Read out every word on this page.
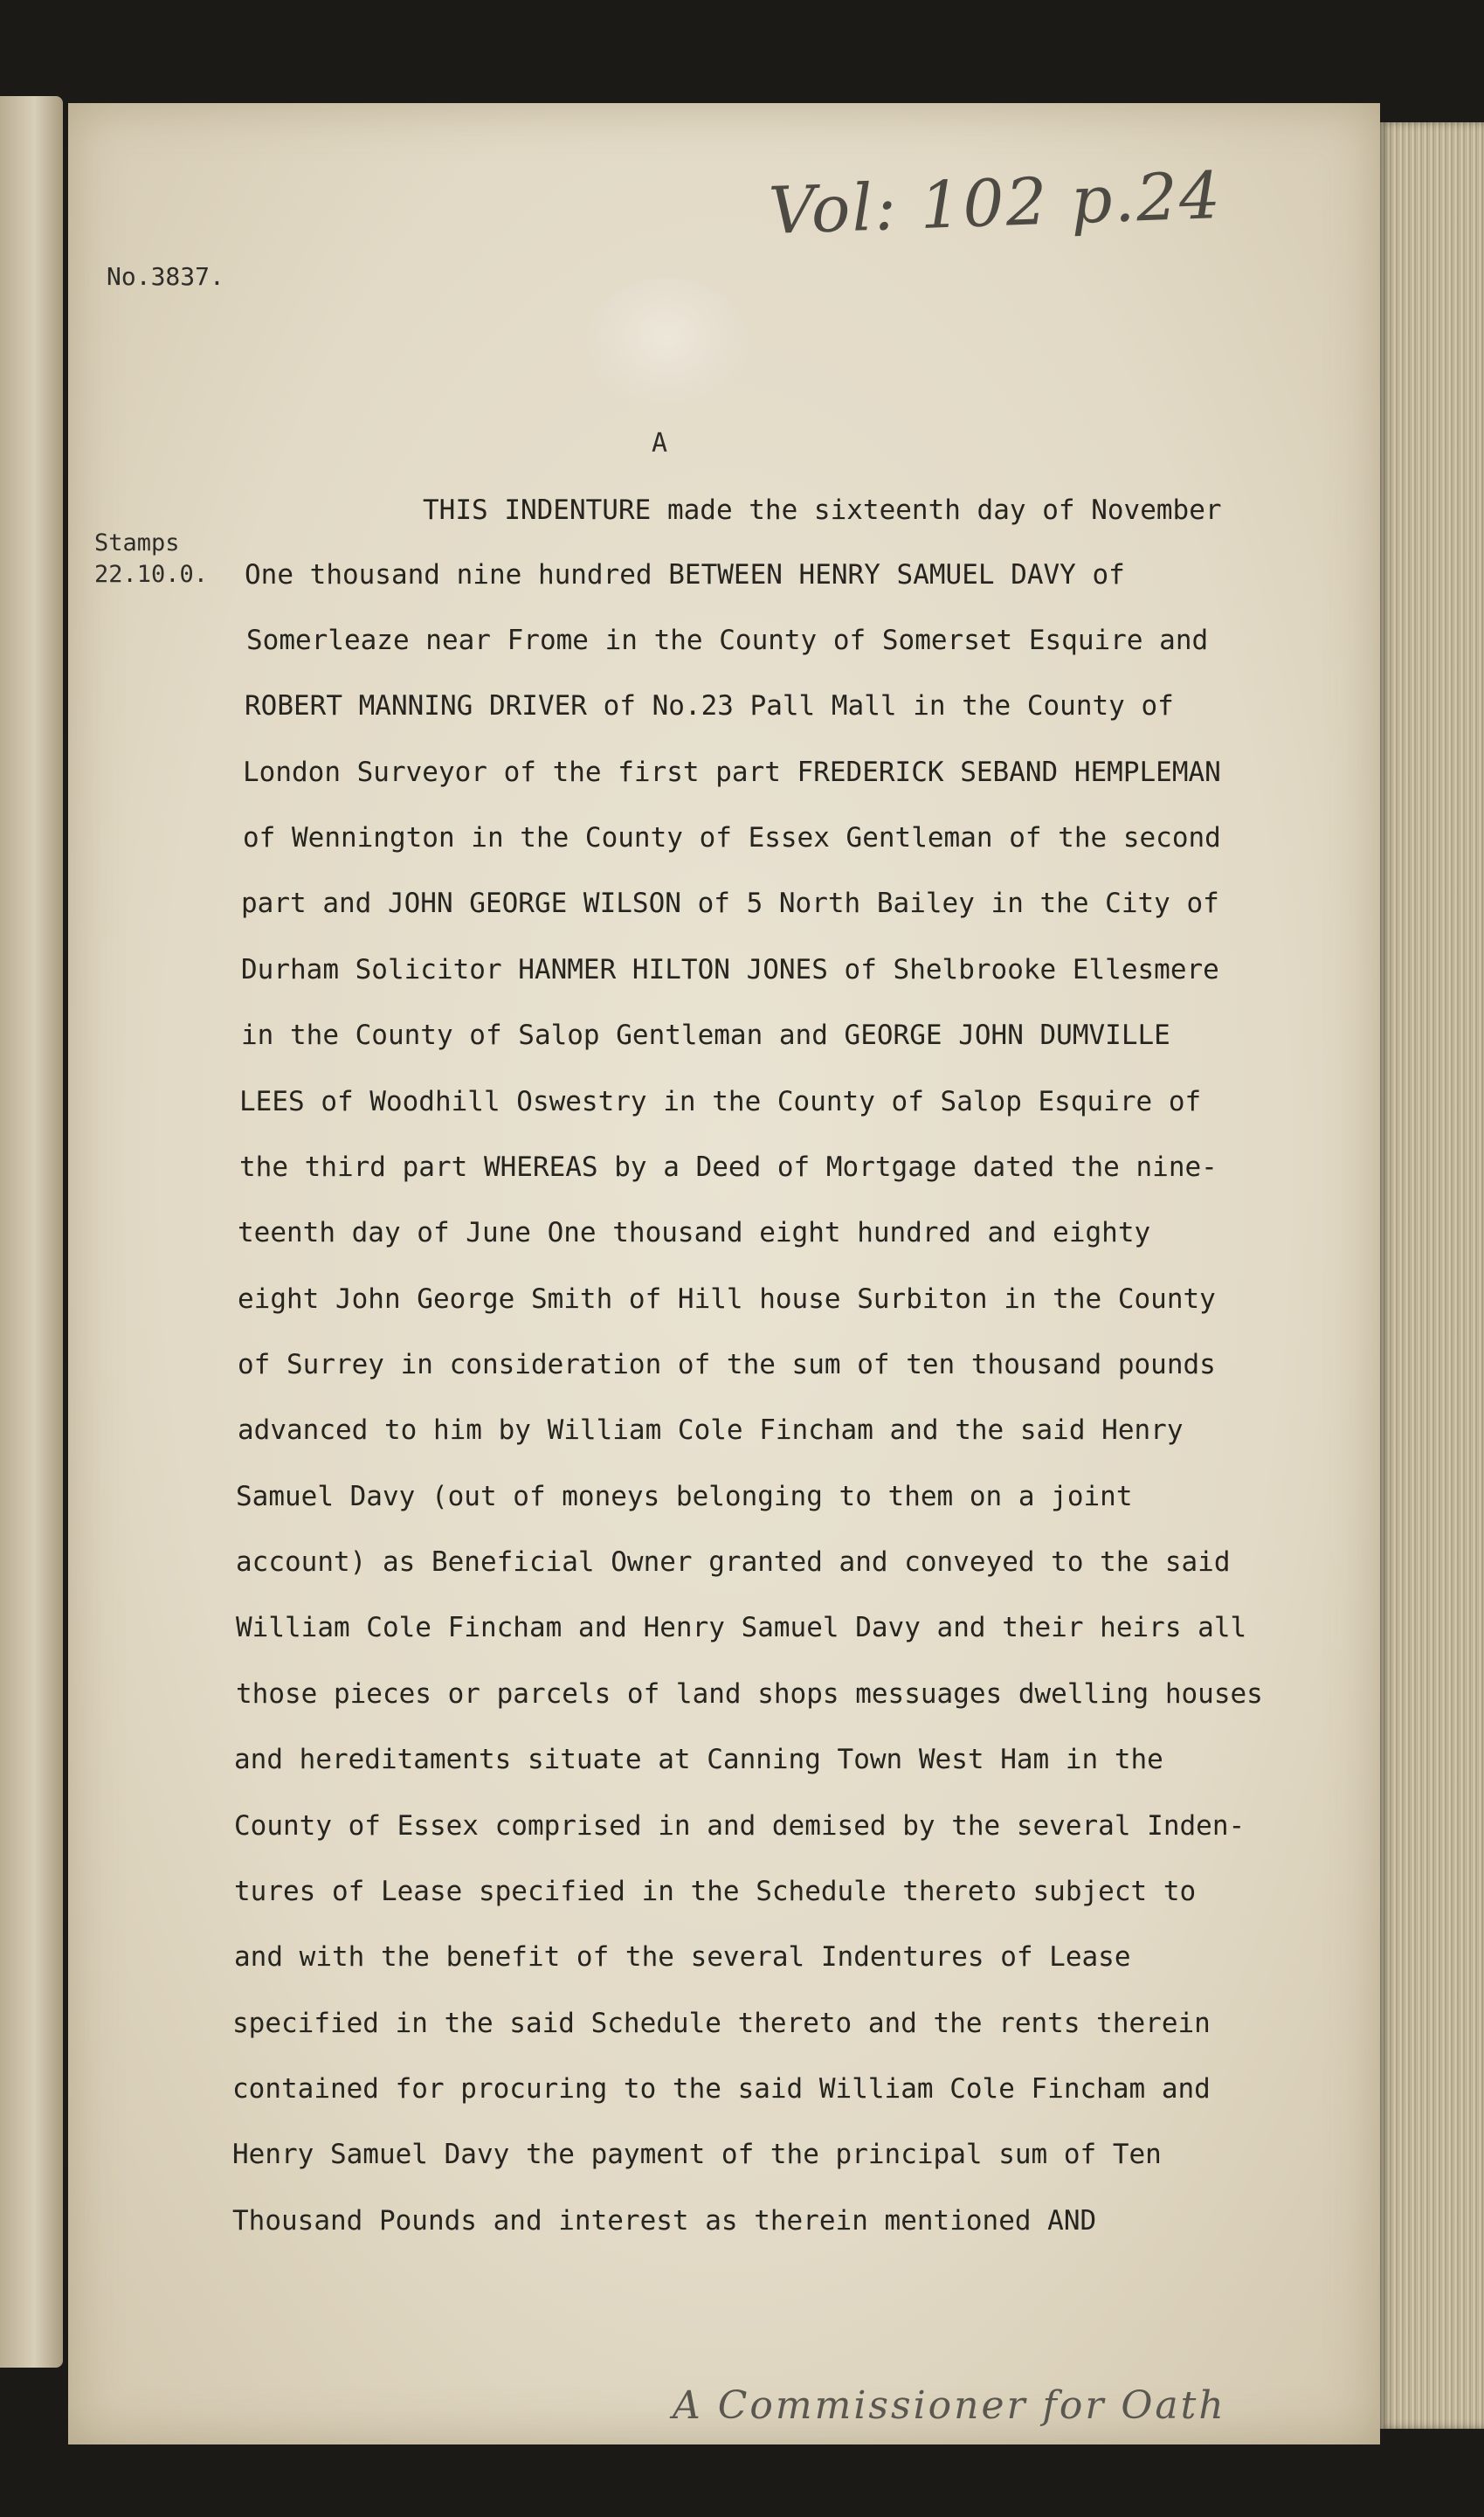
Vol: 102 p.24
No.3837.
A
Stamps
22.10.0.
THIS INDENTURE made the sixteenth day of November
One thousand nine hundred BETWEEN HENRY SAMUEL DAVY of
Somerleaze near Frome in the County of Somerset Esquire and
ROBERT MANNING DRIVER of No.23 Pall Mall in the County of
London Surveyor of the first part FREDERICK SEBAND HEMPLEMAN
of Wennington in the County of Essex Gentleman of the second
part and JOHN GEORGE WILSON of 5 North Bailey in the City of
Durham Solicitor HANMER HILTON JONES of Shelbrooke Ellesmere
in the County of Salop Gentleman and GEORGE JOHN DUMVILLE
LEES of Woodhill Oswestry in the County of Salop Esquire of
the third part WHEREAS by a Deed of Mortgage dated the nine-
teenth day of June One thousand eight hundred and eighty
eight John George Smith of Hill house Surbiton in the County
of Surrey in consideration of the sum of ten thousand pounds
advanced to him by William Cole Fincham and the said Henry
Samuel Davy (out of moneys belonging to them on a joint
account) as Beneficial Owner granted and conveyed to the said
William Cole Fincham and Henry Samuel Davy and their heirs all
those pieces or parcels of land shops messuages dwelling houses
and hereditaments situate at Canning Town West Ham in the
County of Essex comprised in and demised by the several Inden-
tures of Lease specified in the Schedule thereto subject to
and with the benefit of the several Indentures of Lease
specified in the said Schedule thereto and the rents therein
contained for procuring to the said William Cole Fincham and
Henry Samuel Davy the payment of the principal sum of Ten
Thousand Pounds and interest as therein mentioned AND
A Commissioner for Oath
